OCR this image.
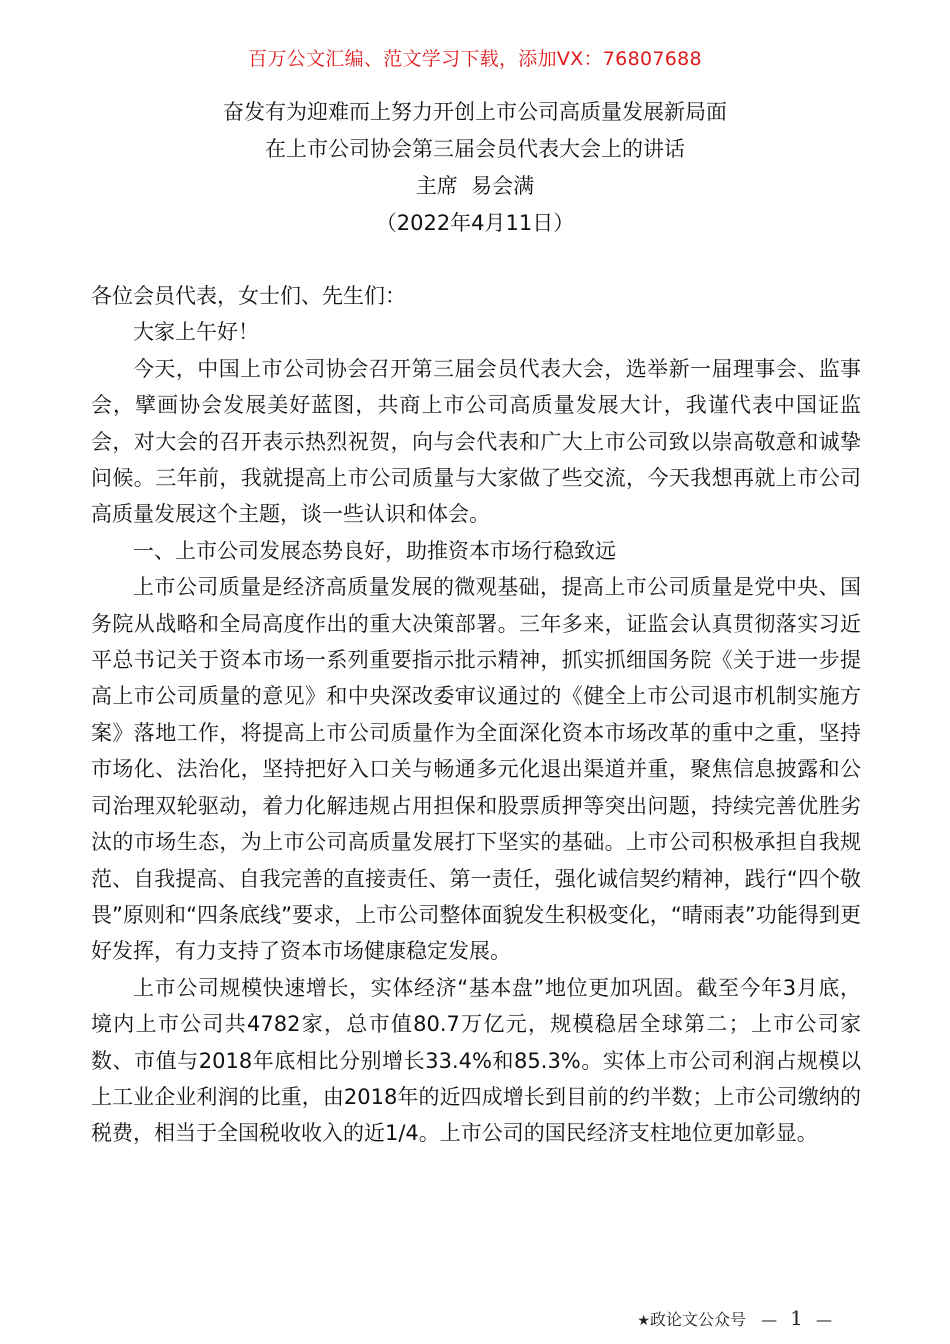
百万公文汇编、范文学习下载，添加VX：76807688
奋发有为迎难而上努力开创上市公司高质量发展新局面
在上市公司协会第三届会员代表大会上的讲话
主席  易会满
（2022年4月11日）

各位会员代表，女士们、先生们：

大家上午好！

今天，中国上市公司协会召开第三届会员代表大会，选举新一届理事会、监事会，擘画协会发展美好蓝图，共商上市公司高质量发展大计，我谨代表中国证监会，对大会的召开表示热烈祝贺，向与会代表和广大上市公司致以崇高敬意和诚挚问候。三年前，我就提高上市公司质量与大家做了些交流，今天我想再就上市公司高质量发展这个主题，谈一些认识和体会。

一、上市公司发展态势良好，助推资本市场行稳致远

上市公司质量是经济高质量发展的微观基础，提高上市公司质量是党中央、国务院从战略和全局高度作出的重大决策部署。三年多来，证监会认真贯彻落实习近平总书记关于资本市场一系列重要指示批示精神，抓实抓细国务院《关于进一步提高上市公司质量的意见》和中央深改委审议通过的《健全上市公司退市机制实施方案》落地工作，将提高上市公司质量作为全面深化资本市场改革的重中之重，坚持市场化、法治化，坚持把好入口关与畅通多元化退出渠道并重，聚焦信息披露和公司治理双轮驱动，着力化解违规占用担保和股票质押等突出问题，持续完善优胜劣汰的市场生态，为上市公司高质量发展打下坚实的基础。上市公司积极承担自我规范、自我提高、自我完善的直接责任、第一责任，强化诚信契约精神，践行“四个敬畏”原则和“四条底线”要求，上市公司整体面貌发生积极变化，“晴雨表”功能得到更好发挥，有力支持了资本市场健康稳定发展。

上市公司规模快速增长，实体经济“基本盘”地位更加巩固。截至今年3月底，境内上市公司共4782家，总市值80.7万亿元，规模稳居全球第二；上市公司家数、市值与2018年底相比分别增长33.4%和85.3%。实体上市公司利润占规模以上工业企业利润的比重，由2018年的近四成增长到目前的约半数；上市公司缴纳的税费，相当于全国税收收入的近1/4。上市公司的国民经济支柱地位更加彰显。

★政论文公众号 — 1 —
